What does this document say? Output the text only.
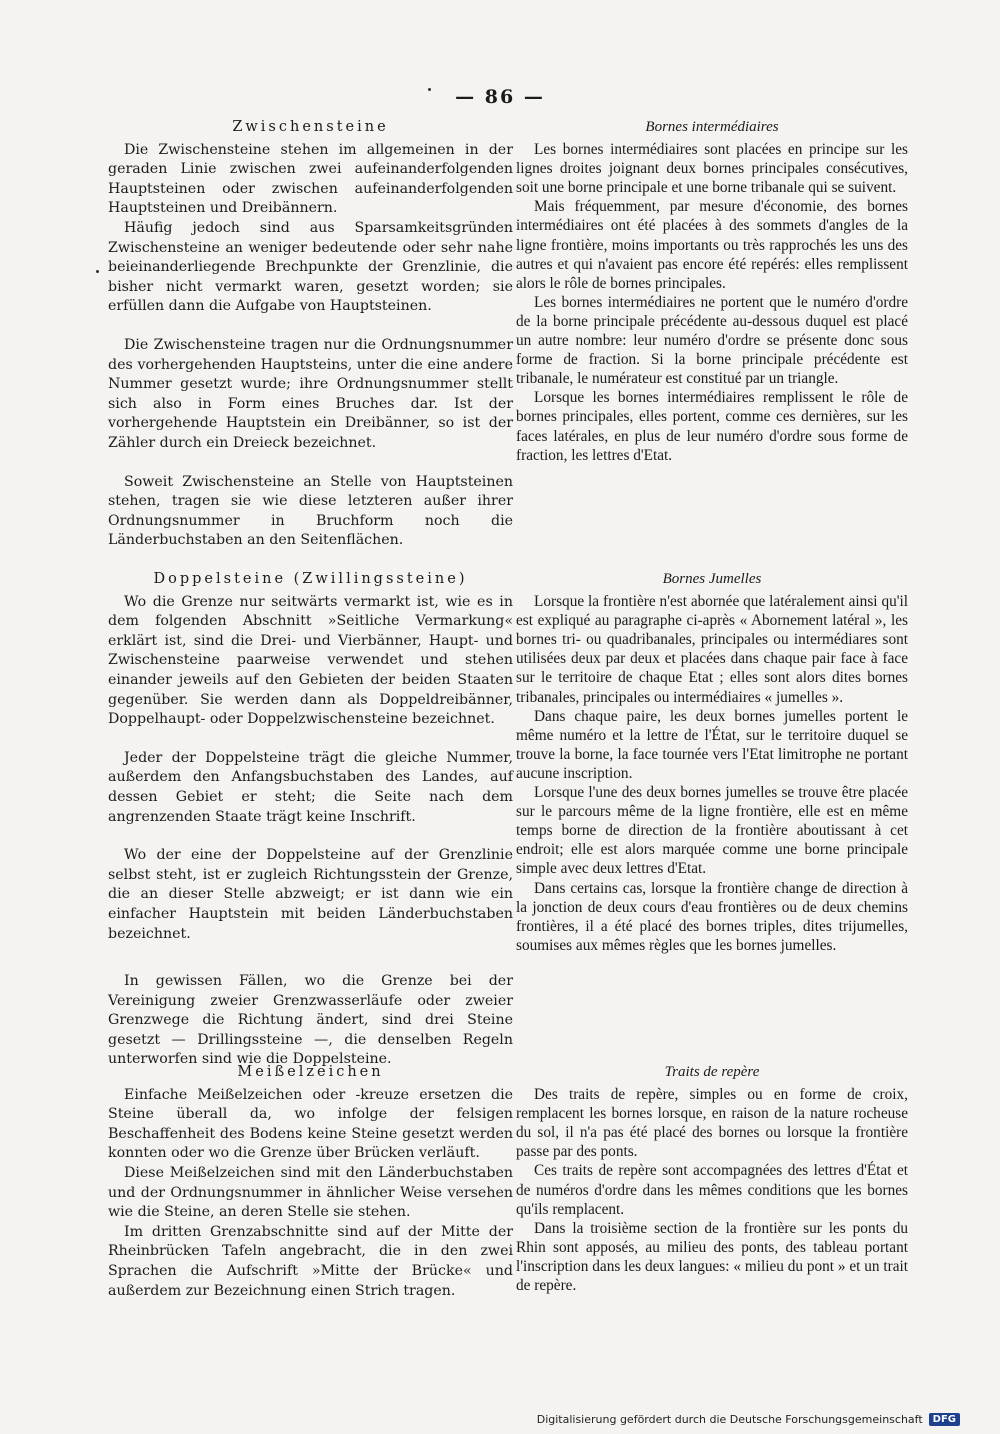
— 86 —
Zwischensteine

Die Zwischensteine stehen im allgemeinen in der geraden Linie zwischen zwei aufeinanderfolgenden Hauptsteinen oder zwischen aufeinanderfolgenden Hauptsteinen und Dreibännern.

Häufig jedoch sind aus Sparsamkeitsgründen Zwischensteine an weniger bedeutende oder sehr nahe beieinanderliegende Brechpunkte der Grenzlinie, die bisher nicht vermarkt waren, gesetzt worden; sie erfüllen dann die Aufgabe von Hauptsteinen.

Die Zwischensteine tragen nur die Ordnungsnummer des vorhergehenden Hauptsteins, unter die eine andere Nummer gesetzt wurde; ihre Ordnungsnummer stellt sich also in Form eines Bruches dar. Ist der vorhergehende Hauptstein ein Dreibänner, so ist der Zähler durch ein Dreieck bezeichnet.

Soweit Zwischensteine an Stelle von Hauptsteinen stehen, tragen sie wie diese letzteren außer ihrer Ordnungsnummer in Bruchform noch die Länderbuchstaben an den Seitenflächen.

Doppelsteine (Zwillingssteine)

Wo die Grenze nur seitwärts vermarkt ist, wie es in dem folgenden Abschnitt »Seitliche Vermarkung« erklärt ist, sind die Drei- und Vierbänner, Haupt- und Zwischensteine paarweise verwendet und stehen einander jeweils auf den Gebieten der beiden Staaten gegenüber. Sie werden dann als Doppeldreibänner, Doppelhaupt- oder Doppelzwischensteine bezeichnet.

Jeder der Doppelsteine trägt die gleiche Nummer, außerdem den Anfangsbuchstaben des Landes, auf dessen Gebiet er steht; die Seite nach dem angrenzenden Staate trägt keine Inschrift.

Wo der eine der Doppelsteine auf der Grenzlinie selbst steht, ist er zugleich Richtungsstein der Grenze, die an dieser Stelle abzweigt; er ist dann wie ein einfacher Hauptstein mit beiden Länderbuchstaben bezeichnet.

In gewissen Fällen, wo die Grenze bei der Vereinigung zweier Grenzwasserläufe oder zweier Grenzwege die Richtung ändert, sind drei Steine gesetzt — Drillingssteine —, die denselben Regeln unterworfen sind wie die Doppelsteine.

Meißelzeichen

Einfache Meißelzeichen oder -kreuze ersetzen die Steine überall da, wo infolge der felsigen Beschaffenheit des Bodens keine Steine gesetzt werden konnten oder wo die Grenze über Brücken verläuft.

Diese Meißelzeichen sind mit den Länderbuchstaben und der Ordnungsnummer in ähnlicher Weise versehen wie die Steine, an deren Stelle sie stehen.

Im dritten Grenzabschnitte sind auf der Mitte der Rheinbrücken Tafeln angebracht, die in den zwei Sprachen die Aufschrift »Mitte der Brücke« und außerdem zur Bezeichnung einen Strich tragen.

Bornes intermédiaires

Les bornes intermédiaires sont placées en principe sur les lignes droites joignant deux bornes principales consécutives, soit une borne principale et une borne tribanale qui se suivent.

Mais fréquemment, par mesure d'économie, des bornes intermédiaires ont été placées à des sommets d'angles de la ligne frontière, moins importants ou très rapprochés les uns des autres et qui n'avaient pas encore été repérés: elles remplissent alors le rôle de bornes principales.

Les bornes intermédiaires ne portent que le numéro d'ordre de la borne principale précédente au-dessous duquel est placé un autre nombre: leur numéro d'ordre se présente donc sous forme de fraction. Si la borne principale précédente est tribanale, le numérateur est constitué par un triangle.

Lorsque les bornes intermédiaires remplissent le rôle de bornes principales, elles portent, comme ces dernières, sur les faces latérales, en plus de leur numéro d'ordre sous forme de fraction, les lettres d'Etat.

Bornes Jumelles

Lorsque la frontière n'est abornée que latéralement ainsi qu'il est expliqué au paragraphe ci-après « Abornement latéral », les bornes tri- ou quadribanales, principales ou intermédiares sont utilisées deux par deux et placées dans chaque pair face à face sur le territoire de chaque Etat ; elles sont alors dites bornes tribanales, principales ou intermédiaires « jumelles ».

Dans chaque paire, les deux bornes jumelles portent le même numéro et la lettre de l'État, sur le territoire duquel se trouve la borne, la face tournée vers l'Etat limitrophe ne portant aucune inscription.

Lorsque l'une des deux bornes jumelles se trouve être placée sur le parcours même de la ligne frontière, elle est en même temps borne de direction de la frontière aboutissant à cet endroit; elle est alors marquée comme une borne principale simple avec deux lettres d'Etat.

Dans certains cas, lorsque la frontière change de direction à la jonction de deux cours d'eau frontières ou de deux chemins frontières, il a été placé des bornes triples, dites trijumelles, soumises aux mêmes règles que les bornes jumelles.

Traits de repère

Des traits de repère, simples ou en forme de croix, remplacent les bornes lorsque, en raison de la nature rocheuse du sol, il n'a pas été placé des bornes ou lorsque la frontière passe par des ponts.

Ces traits de repère sont accompagnées des lettres d'État et de numéros d'ordre dans les mêmes conditions que les bornes qu'ils remplacent.

Dans la troisième section de la frontière sur les ponts du Rhin sont apposés, au milieu des ponts, des tableau portant l'inscription dans les deux langues: « milieu du pont » et un trait de repère.

Digitalisierung gefördert durch die Deutsche Forschungsgemeinschaft	DFG
